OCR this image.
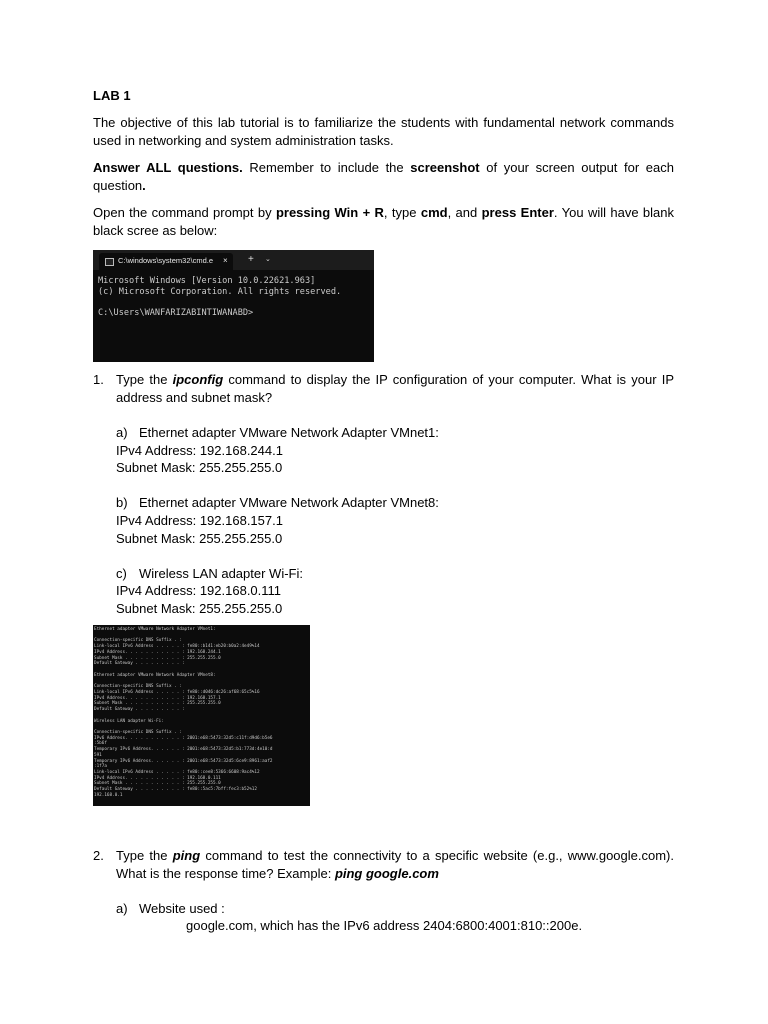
LAB 1
The objective of this lab tutorial is to familiarize the students with fundamental network commands
used in networking and system administration tasks.
Answer ALL questions. Remember to include the screenshot of your screen output for each
question.
Open the command prompt by pressing Win + R, type cmd, and press Enter. You will have blank
black scree as below:
C:\windows\system32\cmd.e × + ⌄
Microsoft Windows [Version 10.0.22621.963]
(c) Microsoft Corporation. All rights reserved.
C:\Users\WANFARIZABINTIWANABD>
1. Type the ipconfig command to display the IP configuration of your computer. What is your IP
address and subnet mask?
a) Ethernet adapter VMware Network Adapter VMnet1:
IPv4 Address: 192.168.244.1
Subnet Mask: 255.255.255.0
b) Ethernet adapter VMware Network Adapter VMnet8:
IPv4 Address: 192.168.157.1
Subnet Mask: 255.255.255.0
c) Wireless LAN adapter Wi-Fi:
IPv4 Address: 192.168.0.111
Subnet Mask: 255.255.255.0
Ethernet adapter VMware Network Adapter VMnet1:
Connection-specific DNS Suffix . :
Link-local IPv6 Address . . . . . : fe80::b141:eb20:b0a2:4e49%14
IPv4 Address. . . . . . . . . . . : 192.168.244.1
Subnet Mask . . . . . . . . . . . : 255.255.255.0
Default Gateway . . . . . . . . . :
Ethernet adapter VMware Network Adapter VMnet8:
Connection-specific DNS Suffix . :
Link-local IPv6 Address . . . . . : fe80::d046:dc26:af68:65c5%16
IPv4 Address. . . . . . . . . . . : 192.168.157.1
Subnet Mask . . . . . . . . . . . : 255.255.255.0
Default Gateway . . . . . . . . . :
Wireless LAN adapter Wi-Fi:
Connection-specific DNS Suffix . :
IPv6 Address. . . . . . . . . . . : 2001:e68:5473:32d5:c11f:d9d6:b5e6
:5b6f
Temporary IPv6 Address. . . . . . : 2001:e68:5473:32d5:b1:773d:4e10:d
591
Temporary IPv6 Address. . . . . . : 2001:e68:5473:32d5:6ce9:8961:aaf2
:1f7a
Link-local IPv6 Address . . . . . : fe80::cee8:5366:6608:9ac4%12
IPv4 Address. . . . . . . . . . . : 192.168.0.111
Subnet Mask . . . . . . . . . . . : 255.255.255.0
Default Gateway . . . . . . . . . : fe80::5ac5:7bff:fec3:b52%12
192.168.0.1
2. Type the ping command to test the connectivity to a specific website (e.g., www.google.com).
What is the response time? Example: ping google.com
a) Website used :
google.com, which has the IPv6 address 2404:6800:4001:810::200e.
